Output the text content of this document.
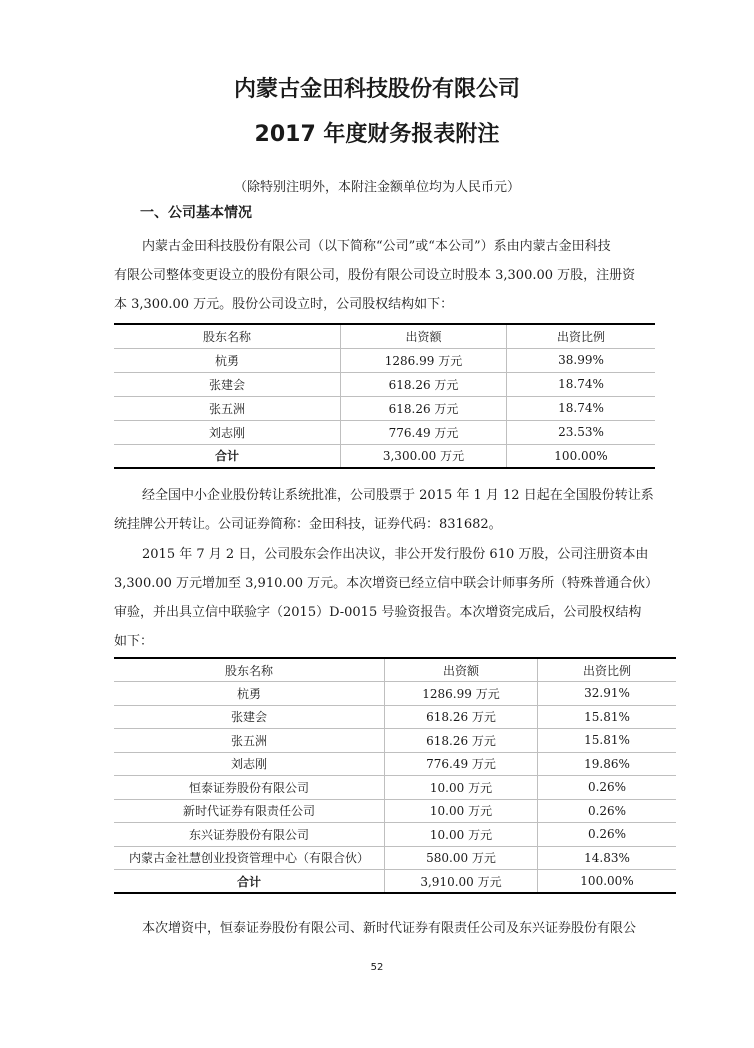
内蒙古金田科技股份有限公司
2017 年度财务报表附注
（除特别注明外，本附注金额单位均为人民币元）
一、公司基本情况

内蒙古金田科技股份有限公司（以下简称“公司”或“本公司”）系由内蒙古金田科技

有限公司整体变更设立的股份有限公司，股份有限公司设立时股本 3,300.00 万股，注册资

本 3,300.00 万元。股份公司设立时，公司股权结构如下：

股东名称	出资额	出资比例
杭勇	1286.99 万元	38.99%
张建会	618.26 万元	18.74%
张五洲	618.26 万元	18.74%
刘志刚	776.49 万元	23.53%
合计	3,300.00 万元	100.00%

经全国中小企业股份转让系统批准，公司股票于 2015 年 1 月 12 日起在全国股份转让系

统挂牌公开转让。公司证券简称：金田科技，证券代码：831682。

2015 年 7 月 2 日，公司股东会作出决议，非公开发行股份 610 万股，公司注册资本由

3,300.00 万元增加至 3,910.00 万元。本次增资已经立信中联会计师事务所（特殊普通合伙）

审验，并出具立信中联验字（2015）D-0015 号验资报告。本次增资完成后，公司股权结构

如下：

股东名称	出资额	出资比例
杭勇	1286.99 万元	32.91%
张建会	618.26 万元	15.81%
张五洲	618.26 万元	15.81%
刘志刚	776.49 万元	19.86%
恒泰证券股份有限公司	10.00 万元	0.26%
新时代证券有限责任公司	10.00 万元	0.26%
东兴证券股份有限公司	10.00 万元	0.26%
内蒙古金社慧创业投资管理中心（有限合伙）	580.00 万元	14.83%
合计	3,910.00 万元	100.00%

本次增资中，恒泰证券股份有限公司、新时代证券有限责任公司及东兴证券股份有限公

52
